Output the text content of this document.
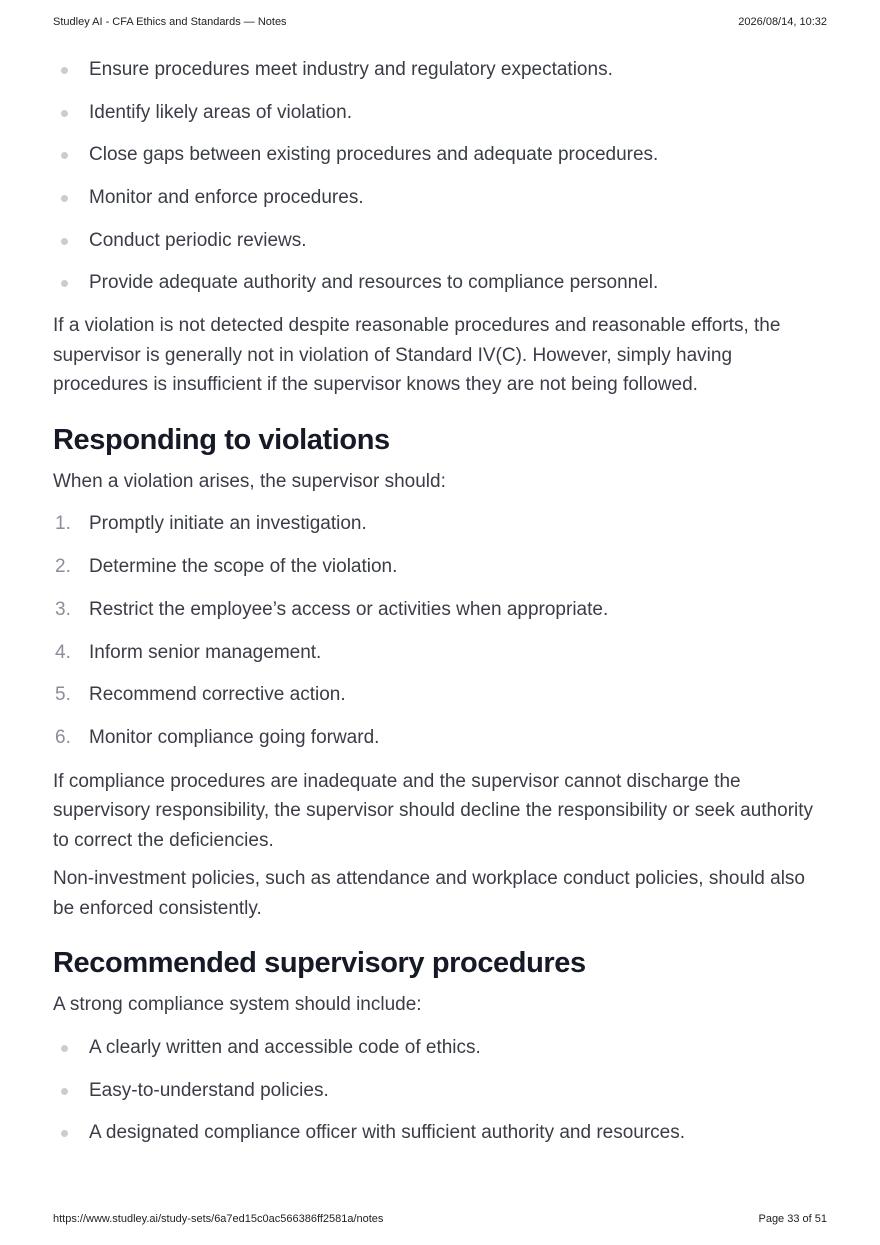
Studley AI - CFA Ethics and Standards — Notes	2026/08/14, 10:32
Ensure procedures meet industry and regulatory expectations.
Identify likely areas of violation.
Close gaps between existing procedures and adequate procedures.
Monitor and enforce procedures.
Conduct periodic reviews.
Provide adequate authority and resources to compliance personnel.

If a violation is not detected despite reasonable procedures and reasonable efforts, the supervisor is generally not in violation of Standard IV(C). However, simply having procedures is insufficient if the supervisor knows they are not being followed.

Responding to violations

When a violation arises, the supervisor should:

1. Promptly initiate an investigation.
2. Determine the scope of the violation.
3. Restrict the employee’s access or activities when appropriate.
4. Inform senior management.
5. Recommend corrective action.
6. Monitor compliance going forward.

If compliance procedures are inadequate and the supervisor cannot discharge the supervisory responsibility, the supervisor should decline the responsibility or seek authority to correct the deficiencies.

Non-investment policies, such as attendance and workplace conduct policies, should also be enforced consistently.

Recommended supervisory procedures

A strong compliance system should include:

A clearly written and accessible code of ethics.
Easy-to-understand policies.
A designated compliance officer with sufficient authority and resources.
https://www.studley.ai/study-sets/6a7ed15c0ac566386ff2581a/notes	Page 33 of 51
